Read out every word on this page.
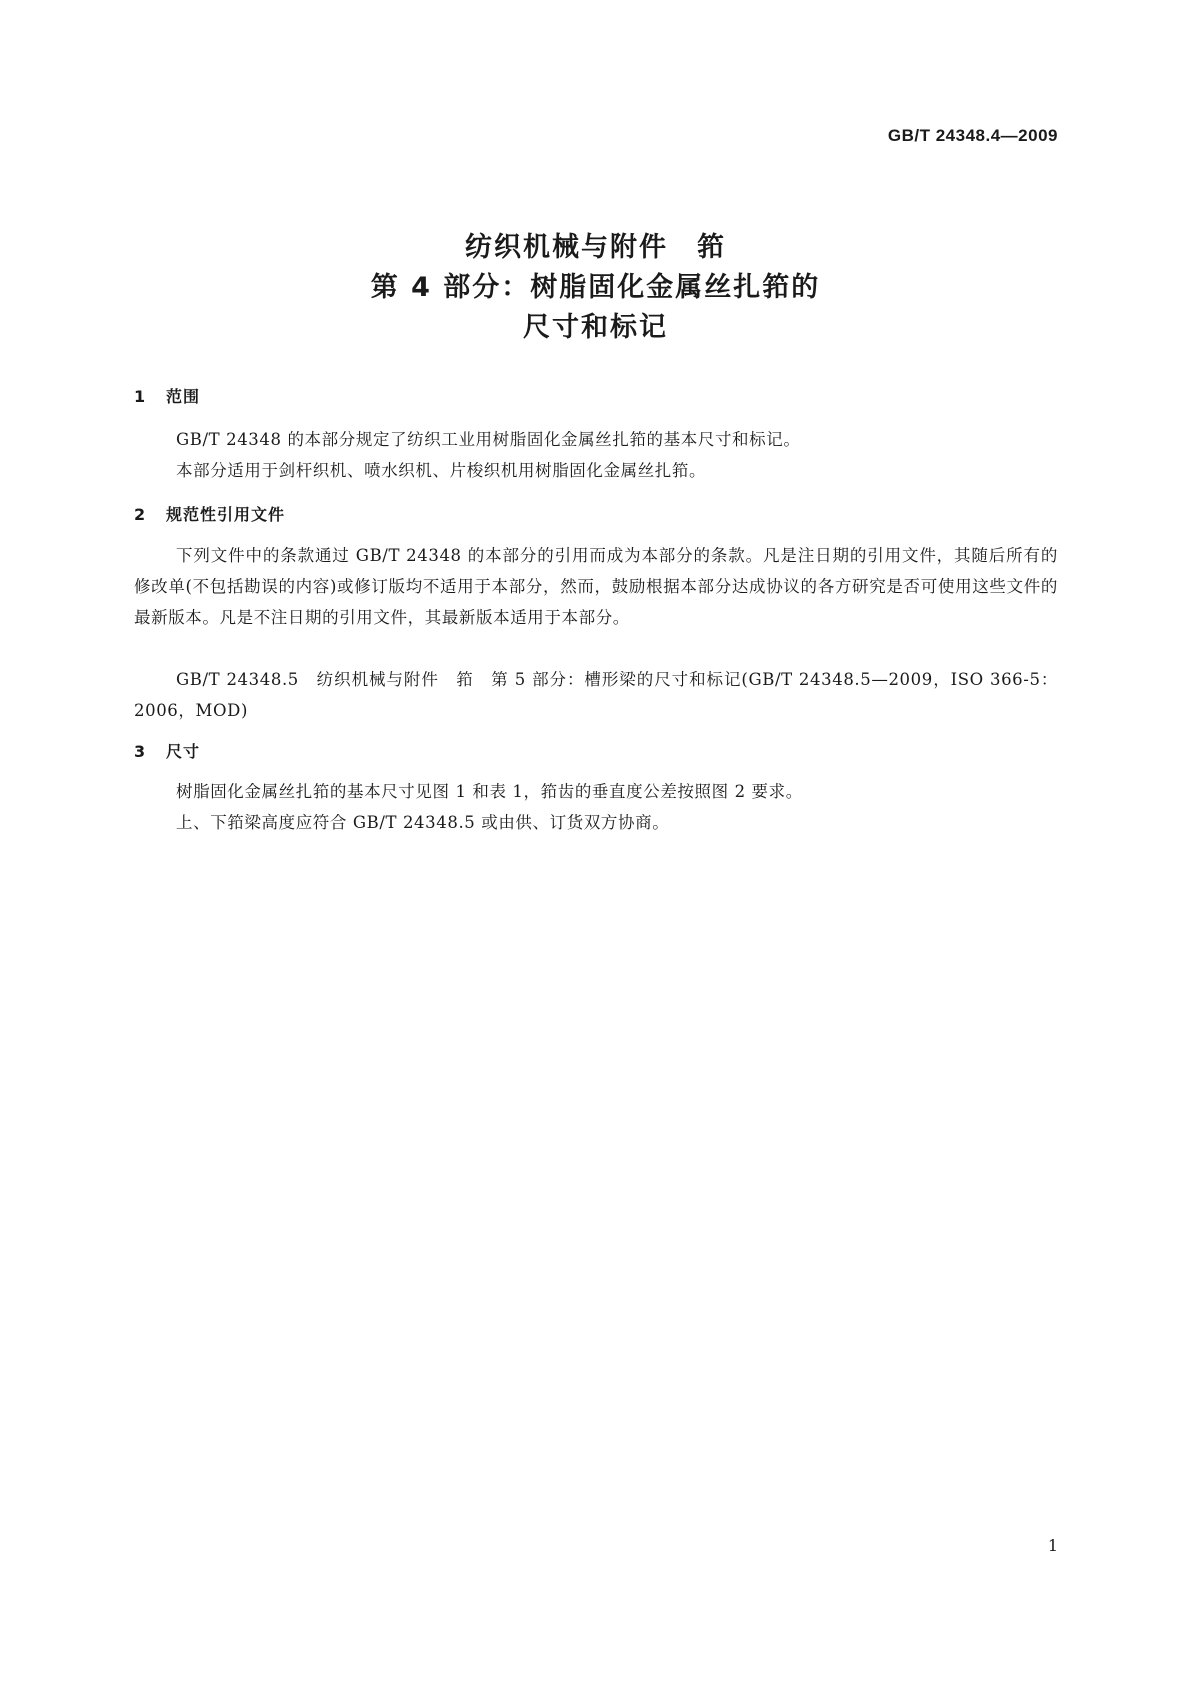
GB/T 24348.4—2009
纺织机械与附件　筘
第 4 部分：树脂固化金属丝扎筘的
尺寸和标记
1 范围
GB/T 24348 的本部分规定了纺织工业用树脂固化金属丝扎筘的基本尺寸和标记。
本部分适用于剑杆织机、喷水织机、片梭织机用树脂固化金属丝扎筘。
2 规范性引用文件
下列文件中的条款通过 GB/T 24348 的本部分的引用而成为本部分的条款。凡是注日期的引用文件，其随后所有的修改单(不包括勘误的内容)或修订版均不适用于本部分，然而，鼓励根据本部分达成协议的各方研究是否可使用这些文件的最新版本。凡是不注日期的引用文件，其最新版本适用于本部分。
GB/T 24348.5　纺织机械与附件　筘　第 5 部分：槽形梁的尺寸和标记(GB/T 24348.5—2009，ISO 366-5：2006，MOD)
3 尺寸
树脂固化金属丝扎筘的基本尺寸见图 1 和表 1，筘齿的垂直度公差按照图 2 要求。
上、下筘梁高度应符合 GB/T 24348.5 或由供、订货双方协商。
1
